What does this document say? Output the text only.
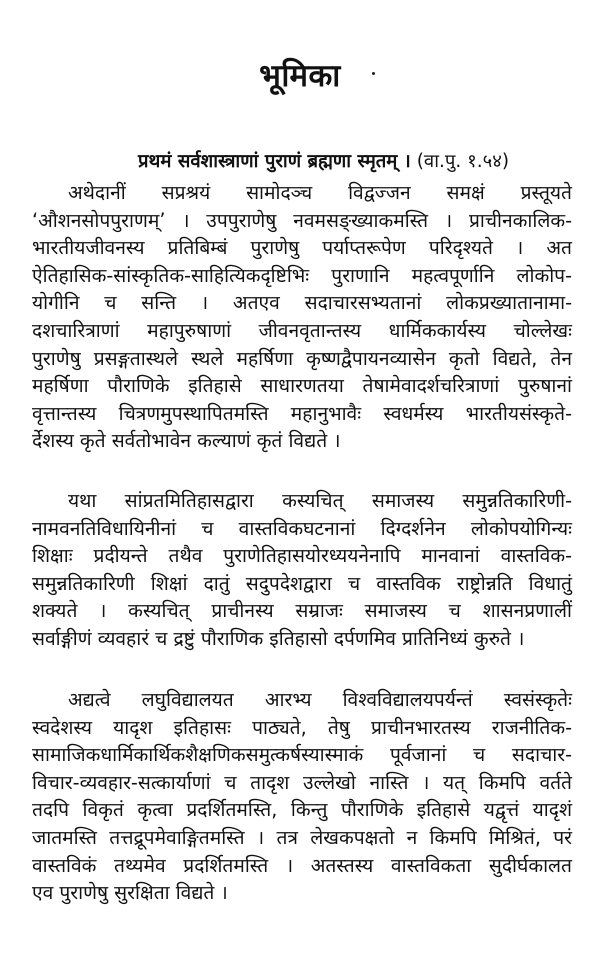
भूमिका
प्रथमं सर्वशास्त्राणां पुराणं ब्रह्मणा स्मृतम् । (वा.पु. १.५४)
अथेदानीं सप्रश्रयं सामोदञ्च विद्वज्जन समक्षं प्रस्तूयते
‘औशनसोपपुराणम्’ । उपपुराणेषु नवमसङ्ख्याकमस्ति । प्राचीनकालिक-
भारतीयजीवनस्य प्रतिबिम्बं पुराणेषु पर्याप्तरूपेण परिदृश्यते । अत
ऐतिहासिक-सांस्कृतिक-साहित्यिकदृष्टिभिः पुराणानि महत्वपूर्णानि लोकोप-
योगीनि च सन्ति । अतएव सदाचारसभ्यतानां लोकप्रख्यातानामा-
दशचारित्राणां महापुरुषाणां जीवनवृतान्तस्य धार्मिककार्यस्य चोल्लेखः
पुराणेषु प्रसङ्गतास्थले स्थले महर्षिणा कृष्णद्वैपायनव्यासेन कृतो विद्यते, तेन
महर्षिणा पौराणिके इतिहासे साधारणतया तेषामेवादर्शचरित्राणां पुरुषानां
वृत्तान्तस्य चित्रणमुपस्थापितमस्ति महानुभावैः स्वधर्मस्य भारतीयसंस्कृते-
र्देशस्य कृते सर्वतोभावेन कल्याणं कृतं विद्यते ।
यथा सांप्रतमितिहासद्वारा कस्यचित् समाजस्य समुन्नतिकारिणी-
नामवनतिविधायिनीनां च वास्तविकघटनानां दिग्दर्शनेन लोकोपयोगिन्यः
शिक्षाः प्रदीयन्ते तथैव पुराणेतिहासयोरध्ययनेनापि मानवानां वास्तविक-
समुन्नतिकारिणी शिक्षां दातुं सदुपदेशद्वारा च वास्तविक राष्ट्रोन्नति विधातुं
शक्यते । कस्यचित् प्राचीनस्य सम्राजः समाजस्य च शासनप्रणालीं
सर्वाङ्गीणं व्यवहारं च द्रष्टुं पौराणिक इतिहासो दर्पणमिव प्रातिनिध्यं कुरुते ।
अद्यत्वे लघुविद्यालयत आरभ्य विश्वविद्यालयपर्यन्तं स्वसंस्कृतेः
स्वदेशस्य यादृश इतिहासः पाठ्यते, तेषु प्राचीनभारतस्य राजनीतिक-
सामाजिकधार्मिकार्थिकशैक्षणिकसमुत्कर्षस्यास्माकं पूर्वजानां च सदाचार-
विचार-व्यवहार-सत्कार्याणां च तादृश उल्लेखो नास्ति । यत् किमपि वर्तते
तदपि विकृतं कृत्वा प्रदर्शितमस्ति, किन्तु पौराणिके इतिहासे यद्वृत्तं यादृशं
जातमस्ति तत्तद्रूपमेवाङ्गितमस्ति । तत्र लेखकपक्षतो न किमपि मिश्रितं, परं
वास्तविकं तथ्यमेव प्रदर्शितमस्ति । अतस्तस्य वास्तविकता सुदीर्घकालत
एव पुराणेषु सुरक्षिता विद्यते ।
